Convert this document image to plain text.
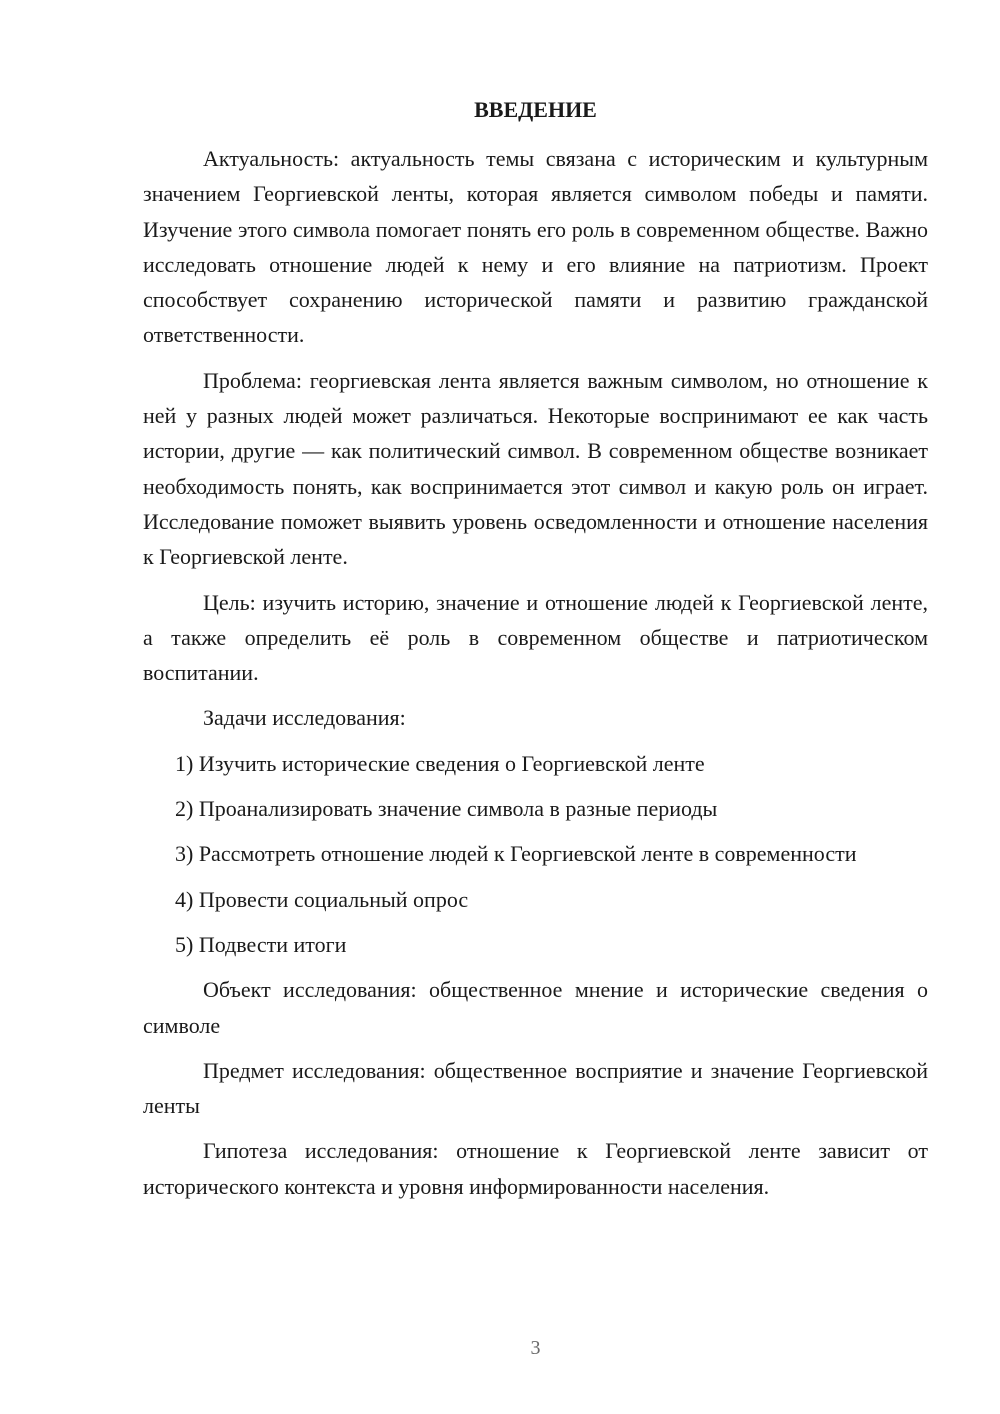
ВВЕДЕНИЕ

Актуальность: актуальность темы связана с историческим и культурным значением Георгиевской ленты, которая является символом победы и памяти. Изучение этого символа помогает понять его роль в современном обществе. Важно исследовать отношение людей к нему и его влияние на патриотизм. Проект способствует сохранению исторической памяти и развитию гражданской ответственности.

Проблема: георгиевская лента является важным символом, но отношение к ней у разных людей может различаться. Некоторые воспринимают ее как часть истории, другие — как политический символ. В современном обществе возникает необходимость понять, как воспринимается этот символ и какую роль он играет. Исследование поможет выявить уровень осведомленности и отношение населения к Георгиевской ленте.

Цель: изучить историю, значение и отношение людей к Георгиевской ленте, а также определить её роль в современном обществе и патриотическом воспитании.

Задачи исследования:

1) Изучить исторические сведения о Георгиевской ленте

2) Проанализировать значение символа в разные периоды

3) Рассмотреть отношение людей к Георгиевской ленте в современности

4) Провести социальный опрос

5) Подвести итоги

Объект исследования: общественное мнение и исторические сведения о символе

Предмет исследования: общественное восприятие и значение Георгиевской ленты

Гипотеза исследования: отношение к Георгиевской ленте зависит от исторического контекста и уровня информированности населения.

3
